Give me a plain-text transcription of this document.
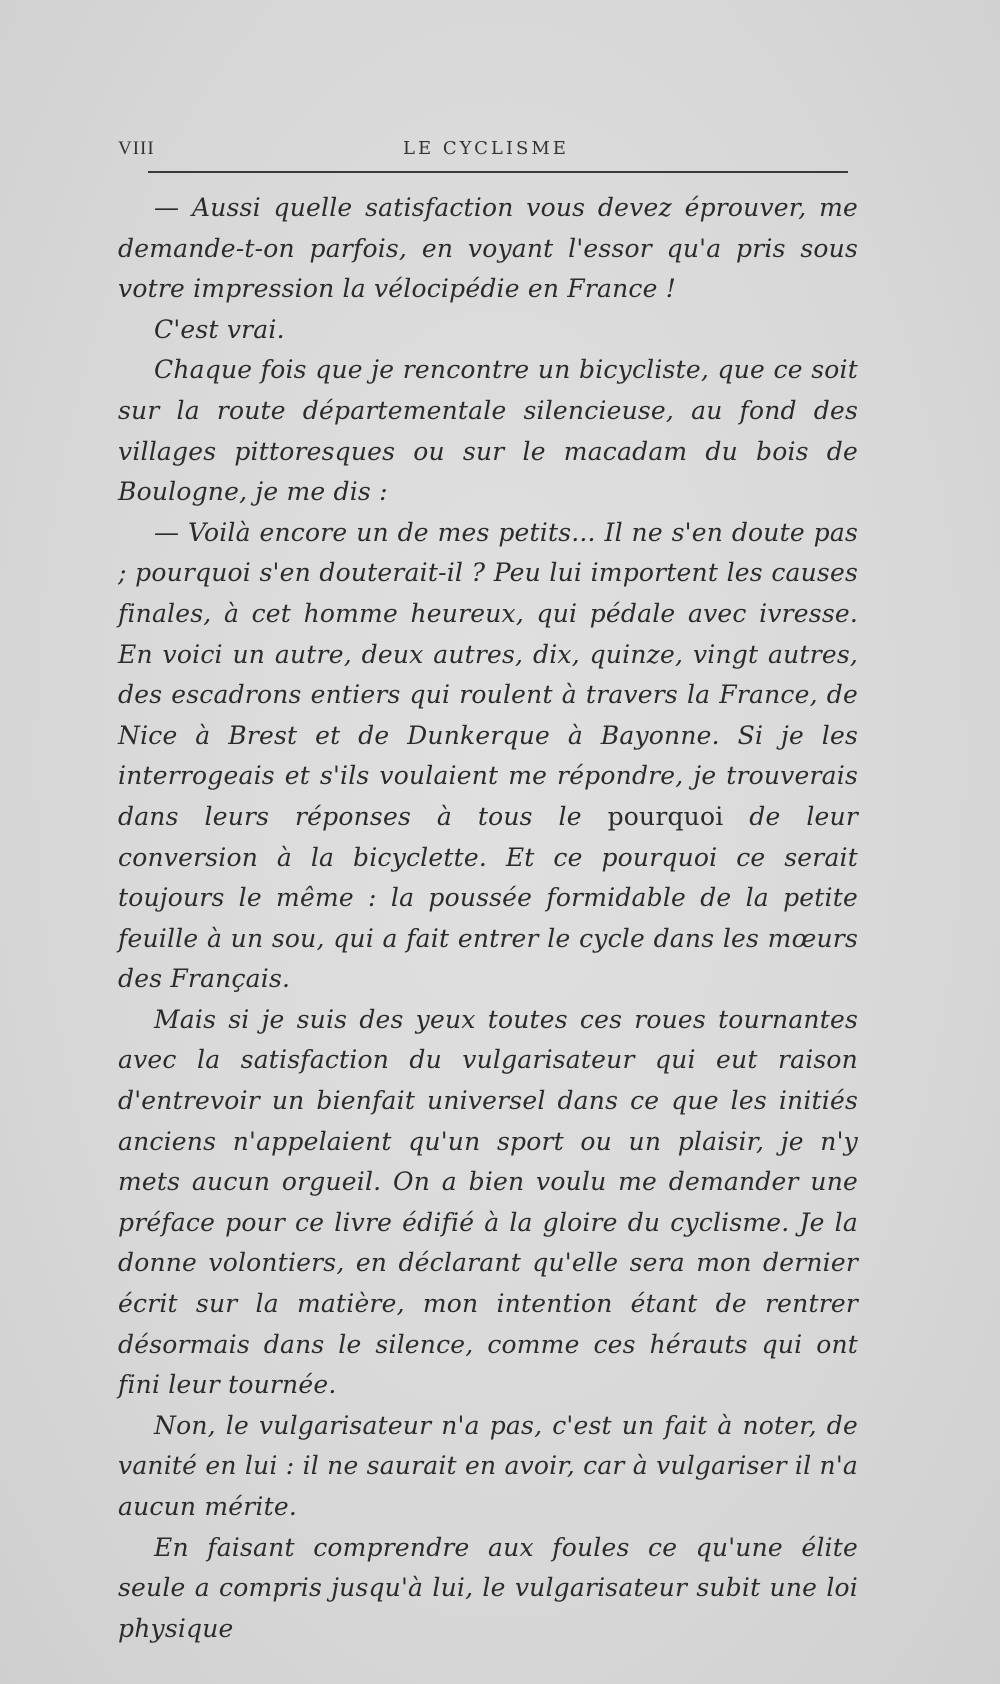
VIII	LE CYCLISME

— Aussi quelle satisfaction vous devez éprouver, me demande-t-on parfois, en voyant l'essor qu'a pris sous votre impression la vélocipédie en France !

C'est vrai.

Chaque fois que je rencontre un bicycliste, que ce soit sur la route départementale silencieuse, au fond des villages pittoresques ou sur le macadam du bois de Boulogne, je me dis :

— Voilà encore un de mes petits... Il ne s'en doute pas ; pourquoi s'en douterait-il ? Peu lui importent les causes finales, à cet homme heureux, qui pédale avec ivresse. En voici un autre, deux autres, dix, quinze, vingt autres, des escadrons entiers qui roulent à travers la France, de Nice à Brest et de Dunkerque à Bayonne. Si je les interrogeais et s'ils voulaient me répondre, je trouverais dans leurs réponses à tous le pourquoi de leur conversion à la bicyclette. Et ce pourquoi ce serait toujours le même : la poussée formidable de la petite feuille à un sou, qui a fait entrer le cycle dans les mœurs des Français.

Mais si je suis des yeux toutes ces roues tournantes avec la satisfaction du vulgarisateur qui eut raison d'entrevoir un bienfait universel dans ce que les initiés anciens n'appelaient qu'un sport ou un plaisir, je n'y mets aucun orgueil. On a bien voulu me demander une préface pour ce livre édifié à la gloire du cyclisme. Je la donne volontiers, en déclarant qu'elle sera mon dernier écrit sur la matière, mon intention étant de rentrer désormais dans le silence, comme ces hérauts qui ont fini leur tournée.

Non, le vulgarisateur n'a pas, c'est un fait à noter, de vanité en lui : il ne saurait en avoir, car à vulgariser il n'a aucun mérite.

En faisant comprendre aux foules ce qu'une élite seule a compris jusqu'à lui, le vulgarisateur subit une loi physique
